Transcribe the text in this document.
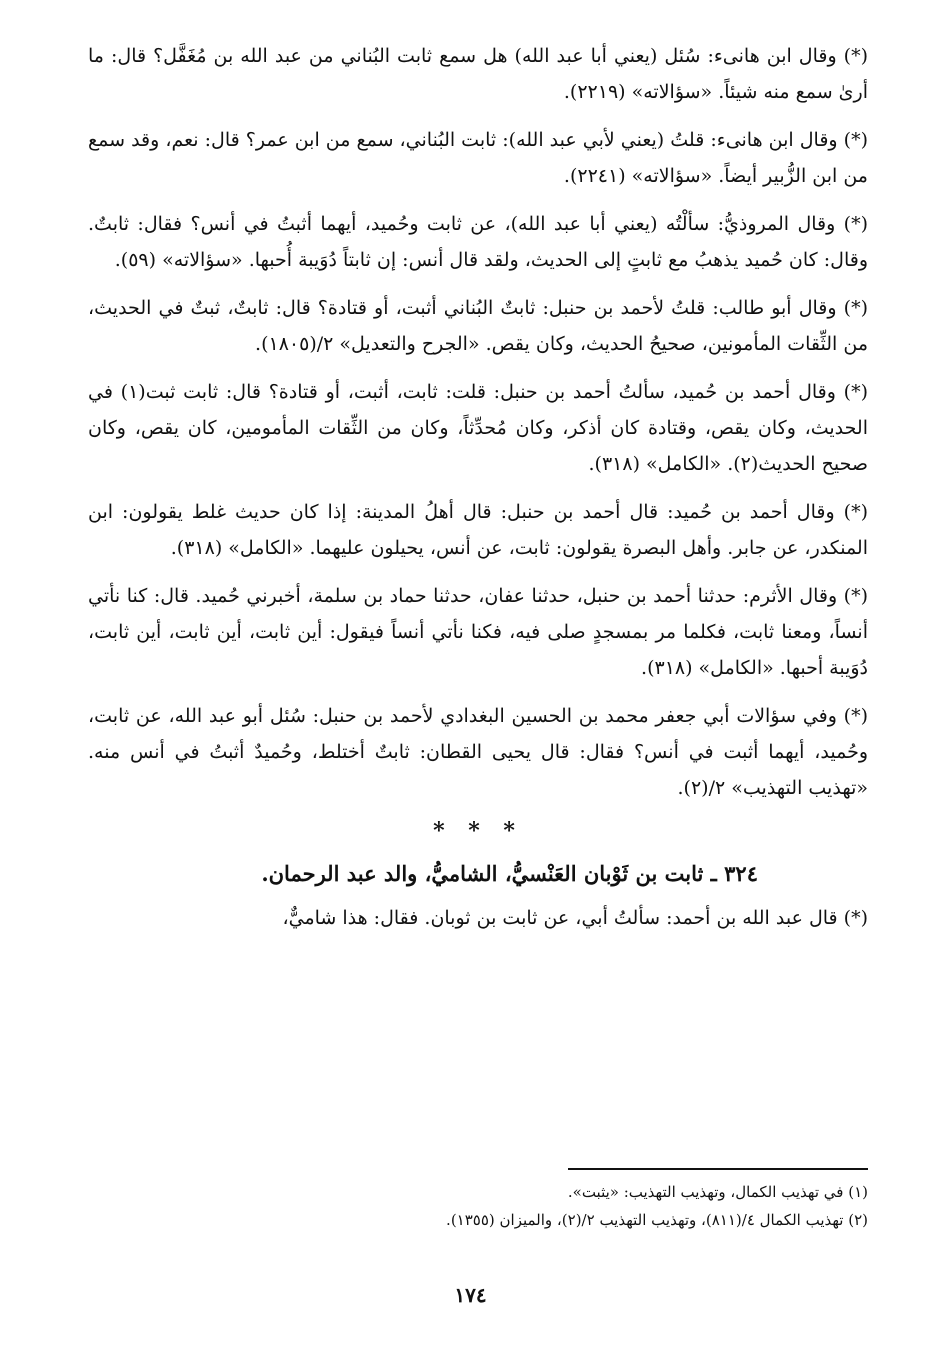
(*) وقال ابن هانىء: سُئل (يعني أبا عبد الله) هل سمع ثابت البُناني من عبد الله بن مُغَفَّل؟ قال: ما أرىٰ سمع منه شيئاً. «سؤالاته» (٢٢١٩).

(*) وقال ابن هانىء: قلتُ (يعني لأبي عبد الله): ثابت البُناني، سمع من ابن عمر؟ قال: نعم، وقد سمع من ابن الزُّبير أيضاً. «سؤالاته» (٢٢٤١).

(*) وقال المروذيُّ: سألْتُه (يعني أبا عبد الله)، عن ثابت وحُميد، أيهما أثبتُ في أنس؟ فقال: ثابتٌ. وقال: كان حُميد يذهبُ مع ثابتٍ إلى الحديث، ولقد قال أنس: إن ثابتاً دُوَيبة أُحبها. «سؤالاته» (٥٩).

(*) وقال أبو طالب: قلتُ لأحمد بن حنبل: ثابتٌ البُناني أثبت، أو قتادة؟ قال: ثابتٌ، ثبتٌ في الحديث، من الثِّقات المأمونين، صحيحُ الحديث، وكان يقص. «الجرح والتعديل» ٢/(١٨٠٥).

(*) وقال أحمد بن حُميد، سألتُ أحمد بن حنبل: قلت: ثابت، أثبت، أو قتادة؟ قال: ثابت ثبت(١) في الحديث، وكان يقص، وقتادة كان أذكر، وكان مُحدِّثاً، وكان من الثِّقات المأمومين، كان يقص، وكان صحيح الحديث(٢). «الكامل» (٣١٨).

(*) وقال أحمد بن حُميد: قال أحمد بن حنبل: قال أهلُ المدينة: إذا كان حديث غلط يقولون: ابن المنكدر، عن جابر. وأهل البصرة يقولون: ثابت، عن أنس، يحيلون عليهما. «الكامل» (٣١٨).

(*) وقال الأثرم: حدثنا أحمد بن حنبل، حدثنا عفان، حدثنا حماد بن سلمة، أخبرني حُميد. قال: كنا نأتي أنساً، ومعنا ثابت، فكلما مر بمسجدٍ صلى فيه، فكنا نأتي أنساً فيقول: أين ثابت، أين ثابت، أين ثابت، دُوَيبة أحبها. «الكامل» (٣١٨).

(*) وفي سؤالات أبي جعفر محمد بن الحسين البغدادي لأحمد بن حنبل: سُئل أبو عبد الله، عن ثابت، وحُميد، أيهما أثبت في أنس؟ فقال: قال يحيى القطان: ثابتٌ أختلط، وحُميدٌ أثبتُ في أنس منه. «تهذيب التهذيب» ٢/(٢).

* * *
٣٢٤ ـ ثابت بن ثَوْبان العَنْسيُّ، الشاميُّ، والد عبد الرحمان.

(*) قال عبد الله بن أحمد: سألتُ أبي، عن ثابت بن ثوبان. فقال: هذا شاميٌّ،

(١) في تهذيب الكمال، وتهذيب التهذيب: «يثبت».

(٢) تهذيب الكمال ٤/(٨١١)، وتهذيب التهذيب ٢/(٢)، والميزان (١٣٥٥).

١٧٤
